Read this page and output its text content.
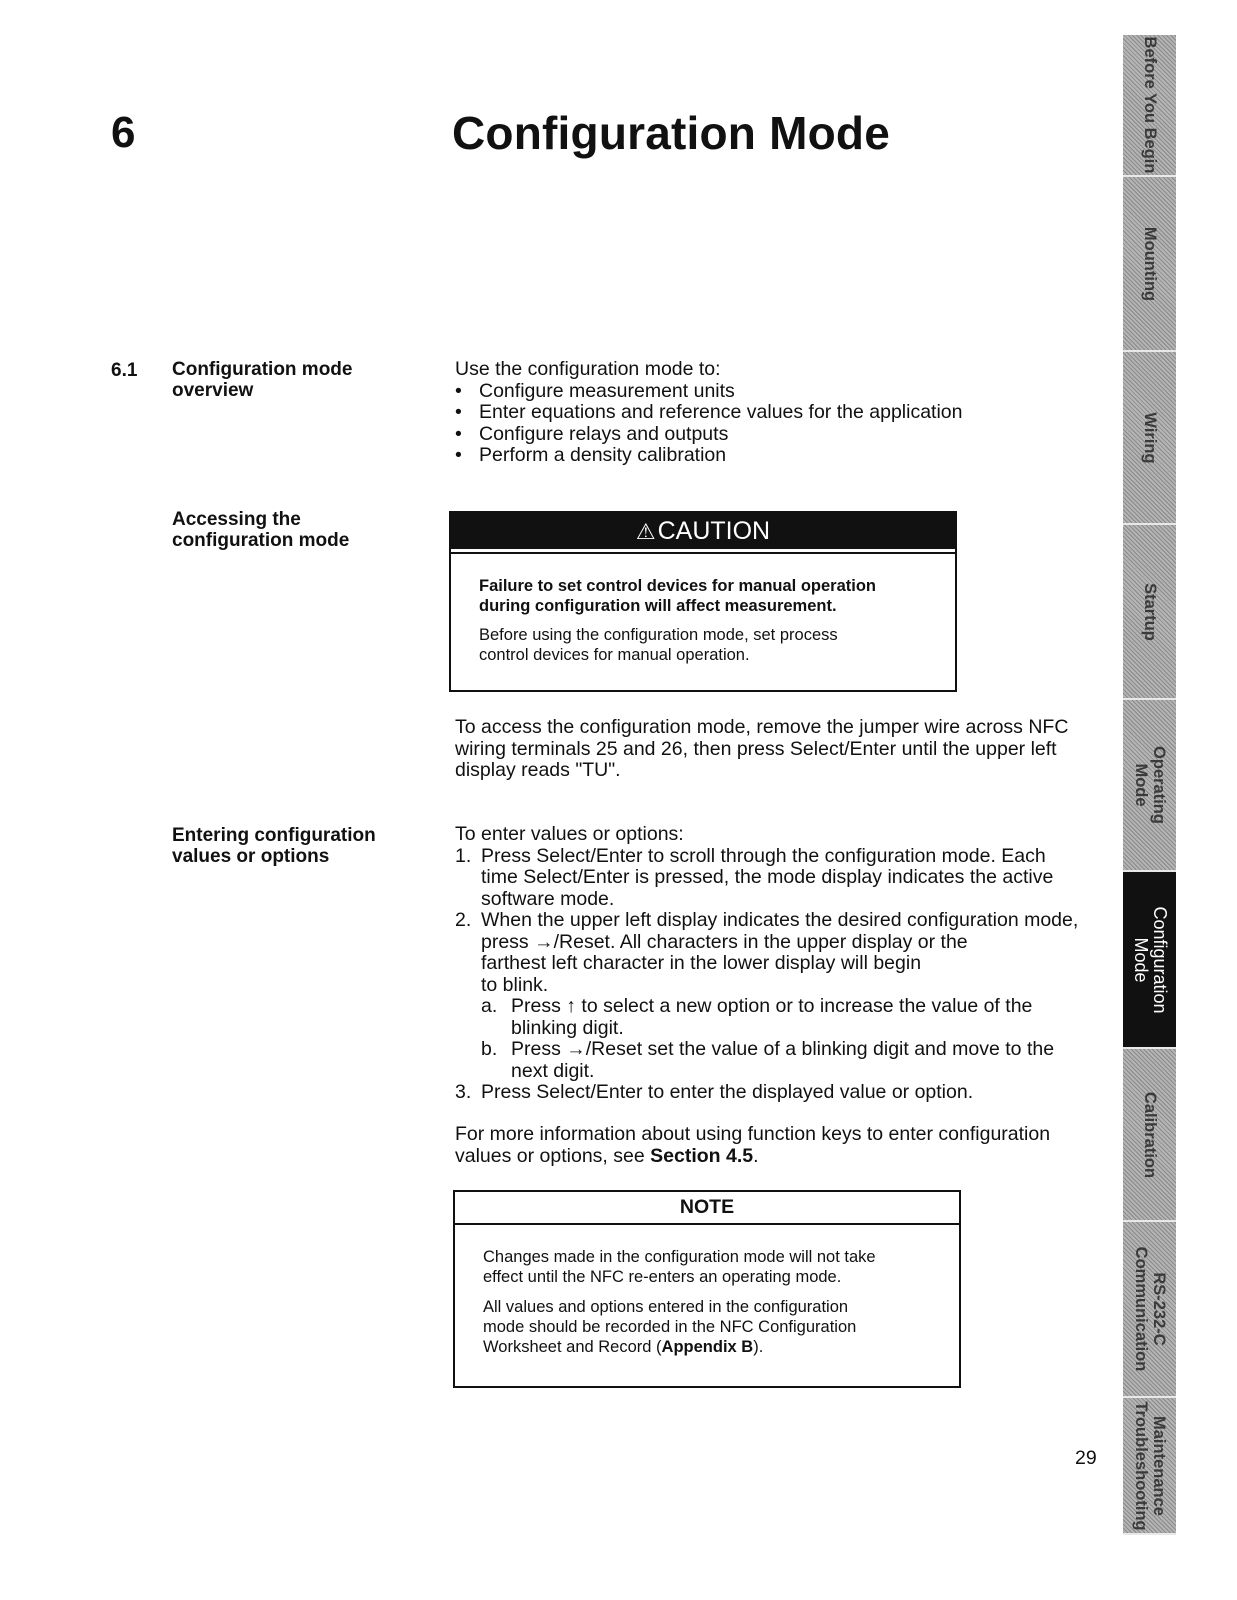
6	Configuration Mode
6.1 Configuration mode
overview
Use the configuration mode to:
• Configure measurement units
• Enter equations and reference values for the application
• Configure relays and outputs
• Perform a density calibration
Accessing the
configuration mode	⚠CAUTION
Failure to set control devices for manual operation
during configuration will affect measurement.
Before using the configuration mode, set process
control devices for manual operation.
To access the configuration mode, remove the jumper wire across NFC
wiring terminals 25 and 26, then press Select/Enter until the upper left
display reads "TU".
Entering configuration
values or options
To enter values or options:
1. Press Select/Enter to scroll through the configuration mode. Each
time Select/Enter is pressed, the mode display indicates the active
software mode.
2. When the upper left display indicates the desired configuration mode,
press →/Reset. All characters in the upper display or the
farthest left character in the lower display will begin
to blink.
a. Press ↑ to select a new option or to increase the value of the
blinking digit.
b. Press →/Reset set the value of a blinking digit and move to the
next digit.
3. Press Select/Enter to enter the displayed value or option.
For more information about using function keys to enter configuration
values or options, see Section 4.5.
NOTE
Changes made in the configuration mode will not take
effect until the NFC re-enters an operating mode.
All values and options entered in the configuration
mode should be recorded in the NFC Configuration
Worksheet and Record (Appendix B).
29
Before You Begin
Mounting
Wiring
Startup
Operating
Mode
Configuration
Mode
Calibration
RS-232-C
Communication
Maintenance
Troubleshooting
